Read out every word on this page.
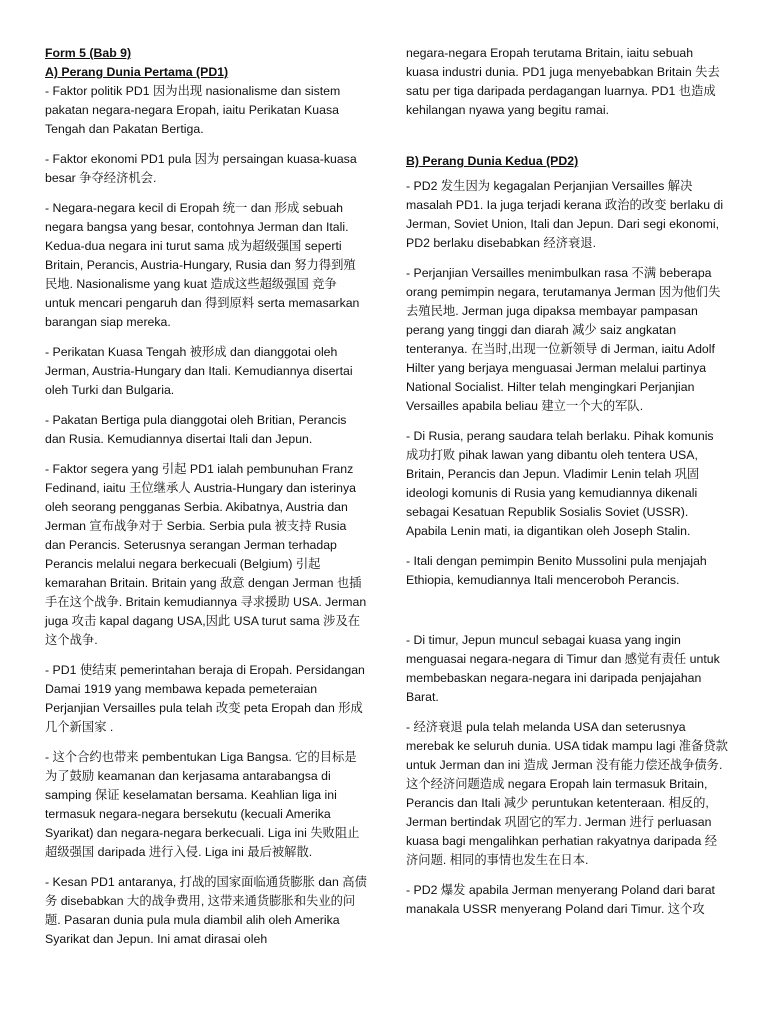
Form 5 (Bab 9)

A) Perang Dunia Pertama (PD1)

- Faktor politik PD1 因为出现 nasionalisme dan sistem pakatan negara-negara Eropah, iaitu Perikatan Kuasa Tengah dan Pakatan Bertiga.

- Faktor ekonomi PD1 pula 因为 persaingan kuasa-kuasa besar 争夺经济机会.

- Negara-negara kecil di Eropah 统一 dan 形成 sebuah negara bangsa yang besar, contohnya Jerman dan Itali. Kedua-dua negara ini turut sama 成为超级强国 seperti Britain, Perancis, Austria-Hungary, Rusia dan 努力得到殖民地. Nasionalisme yang kuat 造成这些超级强国 竞争 untuk mencari pengaruh dan 得到原料 serta memasarkan barangan siap mereka.

- Perikatan Kuasa Tengah 被形成 dan dianggotai oleh Jerman, Austria-Hungary dan Itali. Kemudiannya disertai oleh Turki dan Bulgaria.

- Pakatan Bertiga pula dianggotai oleh Britian, Perancis dan Rusia. Kemudiannya disertai Itali dan Jepun.

- Faktor segera yang 引起 PD1 ialah pembunuhan Franz Fedinand, iaitu 王位继承人 Austria-Hungary dan isterinya oleh seorang pengganas Serbia. Akibatnya, Austria dan Jerman 宣布战争对于 Serbia. Serbia pula 被支持 Rusia dan Perancis. Seterusnya serangan Jerman terhadap Perancis melalui negara berkecuali (Belgium) 引起 kemarahan Britain. Britain yang 敌意 dengan Jerman 也插手在这个战争. Britain kemudiannya 寻求援助 USA. Jerman juga 攻击 kapal dagang USA,因此 USA turut sama 涉及在这个战争.

- PD1 使结束 pemerintahan beraja di Eropah. Persidangan Damai 1919 yang membawa kepada pemeteraian Perjanjian Versailles pula telah 改变 peta Eropah dan 形成几个新国家 .

- 这个合约也带来 pembentukan Liga Bangsa. 它的目标是为了鼓励 keamanan dan kerjasama antarabangsa di samping 保证 keselamatan bersama. Keahlian liga ini termasuk negara-negara bersekutu (kecuali Amerika Syarikat) dan negara-negara berkecuali. Liga ini 失败阻止超级强国 daripada 进行入侵. Liga ini 最后被解散.

- Kesan PD1 antaranya, 打战的国家面临通货膨胀 dan 高债务 disebabkan 大的战争费用, 这带来通货膨胀和失业的问题. Pasaran dunia pula mula diambil alih oleh Amerika Syarikat dan Jepun. Ini amat dirasai oleh

negara-negara Eropah terutama Britain, iaitu sebuah kuasa industri dunia. PD1 juga menyebabkan Britain 失去 satu per tiga daripada perdagangan luarnya. PD1 也造成 kehilangan nyawa yang begitu ramai.

B) Perang Dunia Kedua (PD2)

- PD2 发生因为 kegagalan Perjanjian Versailles 解决 masalah PD1. Ia juga terjadi kerana 政治的改变 berlaku di Jerman, Soviet Union, Itali dan Jepun. Dari segi ekonomi, PD2 berlaku disebabkan 经济衰退.

- Perjanjian Versailles menimbulkan rasa 不满 beberapa orang pemimpin negara, terutamanya Jerman 因为他们失去殖民地. Jerman juga dipaksa membayar pampasan perang yang tinggi dan diarah 减少 saiz angkatan tenteranya. 在当时,出现一位新领导 di Jerman, iaitu Adolf Hilter yang berjaya menguasai Jerman melalui partinya National Socialist. Hilter telah mengingkari Perjanjian Versailles apabila beliau 建立一个大的军队.

- Di Rusia, perang saudara telah berlaku. Pihak komunis 成功打败 pihak lawan yang dibantu oleh tentera USA, Britain, Perancis dan Jepun. Vladimir Lenin telah 巩固 ideologi komunis di Rusia yang kemudiannya dikenali sebagai Kesatuan Republik Sosialis Soviet (USSR). Apabila Lenin mati, ia digantikan oleh Joseph Stalin.

- Itali dengan pemimpin Benito Mussolini pula menjajah Ethiopia, kemudiannya Itali menceroboh Perancis.

- Di timur, Jepun muncul sebagai kuasa yang ingin menguasai negara-negara di Timur dan 感觉有责任 untuk membebaskan negara-negara ini daripada penjajahan Barat.

- 经济衰退 pula telah melanda USA dan seterusnya merebak ke seluruh dunia. USA tidak mampu lagi 准备贷款 untuk Jerman dan ini 造成 Jerman 没有能力偿还战争债务. 这个经济问题造成 negara Eropah lain termasuk Britain, Perancis dan Itali 减少 peruntukan ketenteraan. 相反的, Jerman bertindak 巩固它的军力. Jerman 进行 perluasan kuasa bagi mengalihkan perhatian rakyatnya daripada 经济问题. 相同的事情也发生在日本.

- PD2 爆发 apabila Jerman menyerang Poland dari barat manakala USSR menyerang Poland dari Timur. 这个攻
